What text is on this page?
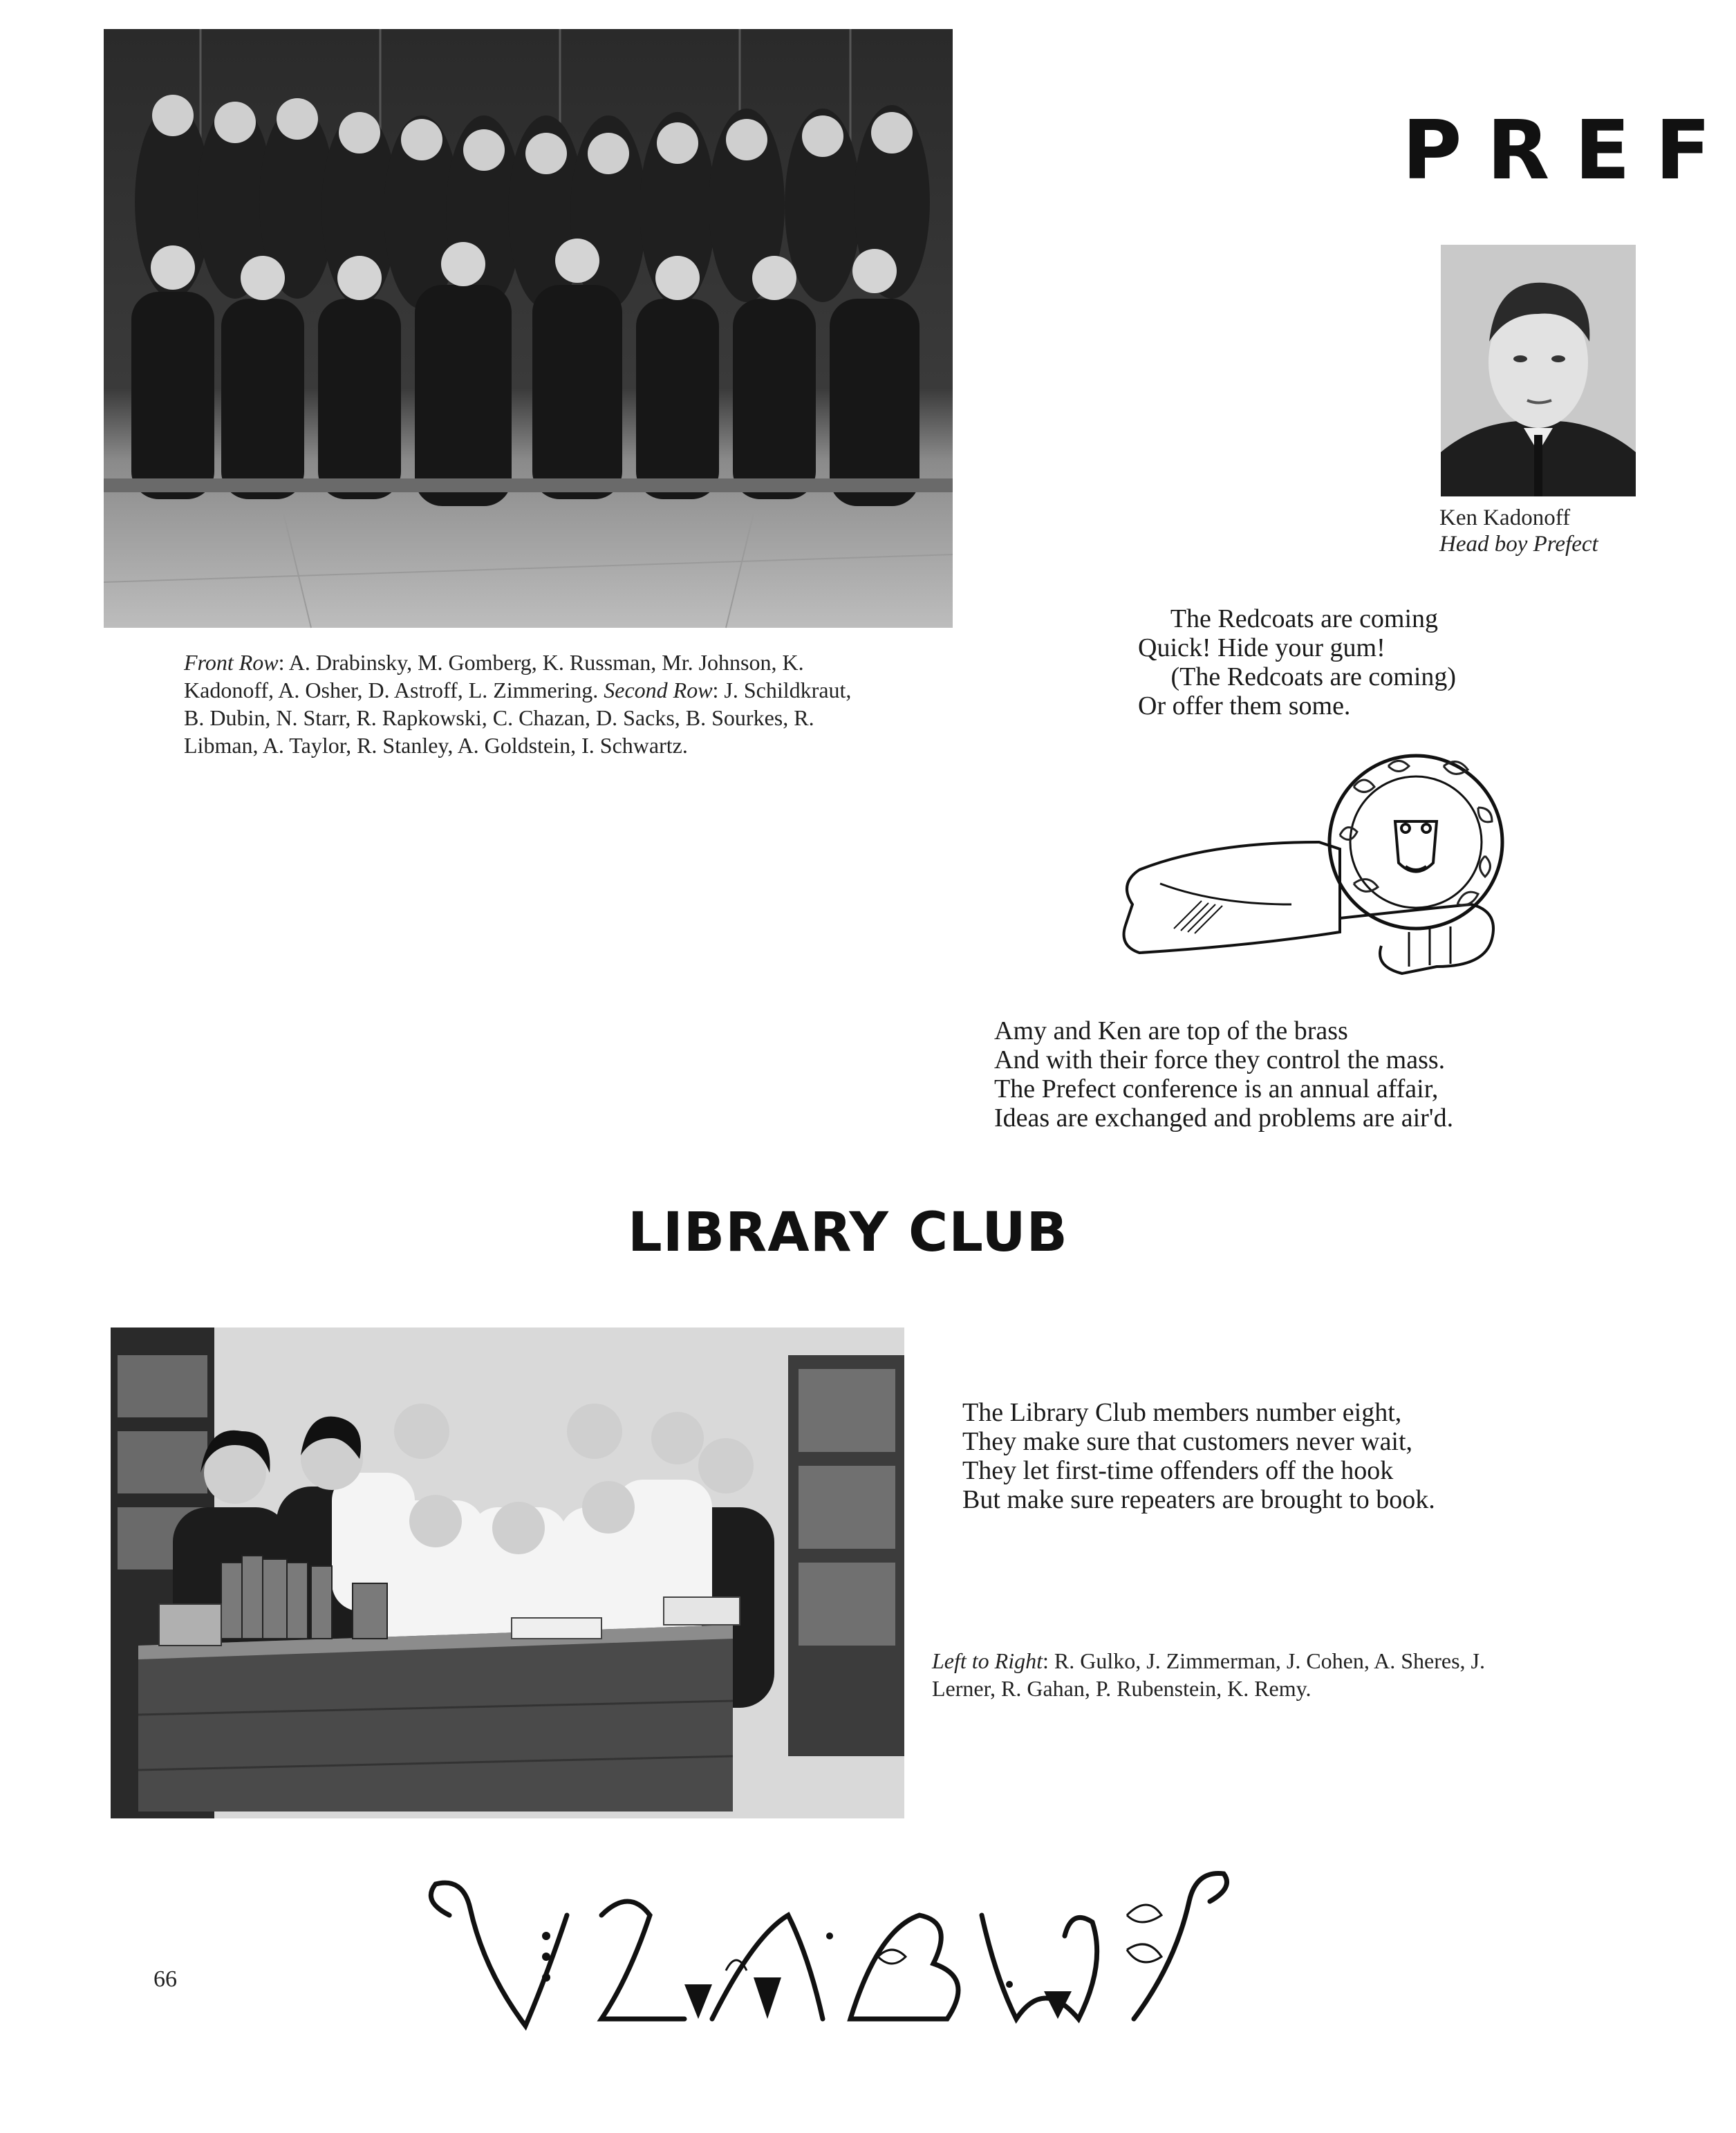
PREF
Front Row: A. Drabinsky, M. Gomberg, K. Russman, Mr. Johnson, K. Kadonoff, A. Osher, D. Astroff, L. Zimmering. Second Row: J. Schildkraut, B. Dubin, N. Starr, R. Rapkowski, C. Chazan, D. Sacks, B. Sourkes, R. Libman, A. Taylor, R. Stanley, A. Goldstein, I. Schwartz.
Ken Kadonoff
Head boy Prefect
The Redcoats are coming
Quick! Hide your gum!
(The Redcoats are coming)
Or offer them some.
Amy and Ken are top of the brass
And with their force they control the mass.
The Prefect conference is an annual affair,
Ideas are exchanged and problems are air'd.
LIBRARY CLUB
The Library Club members number eight,
They make sure that customers never wait,
They let first-time offenders off the hook
But make sure repeaters are brought to book.
Left to Right: R. Gulko, J. Zimmerman, J. Cohen, A. Sheres, J. Lerner, R. Gahan, P. Rubenstein, K. Remy.
66
